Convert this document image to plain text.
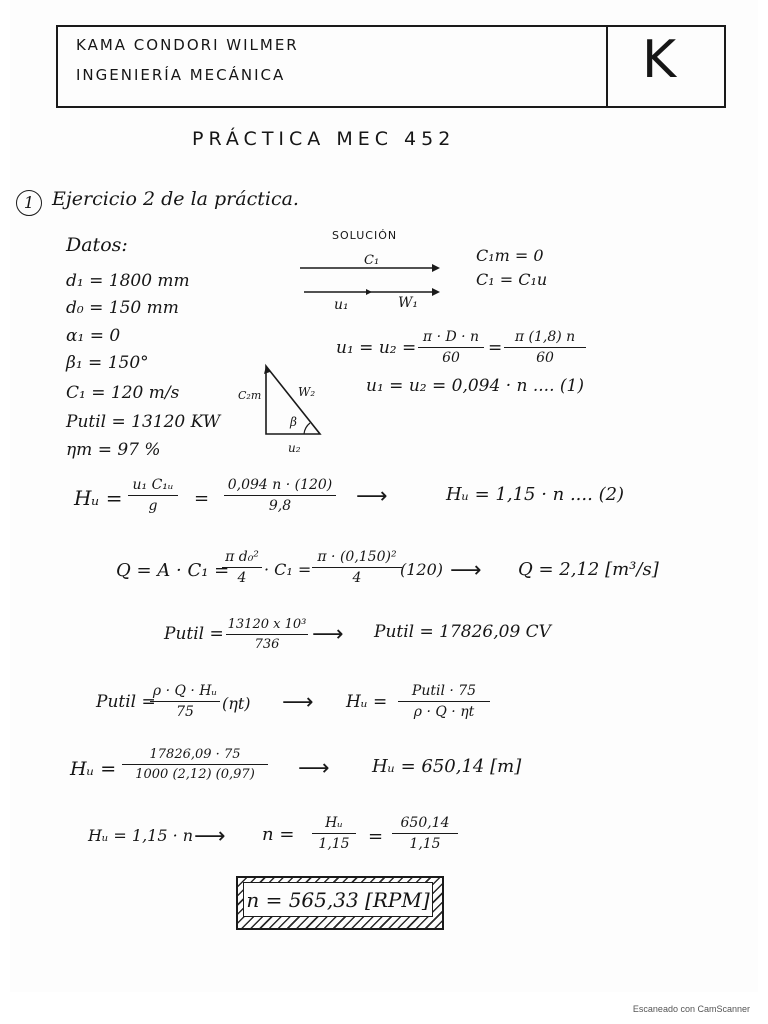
KAMA CONDORI WILMER
INGENIERÍA MECÁNICA	K
PRÁCTICA MEC 452
1 Ejercicio 2 de la práctica.
Datos:
d₁ = 1800 mm
d₀ = 150 mm
α₁ = 0
β₁ = 150°
C₁ = 120 m/s
Putil = 13120 KW
ηm = 97 %
SOLUCIÓN
C₁
u₁	W₁
C₁m = 0
C₁ = C₁u
C₂m	W₂
β
u₂
$u_1 = u_2 = \frac{\pi \cdot D \cdot n}{60} = \frac{\pi (1,8) n}{60}$
u₁ = u₂ = 0,094 · n .... (1)
Hᵤ = $\frac{\text{u₁ C₁ᵤ}}{g} = \frac{0,094 n \cdot (120)}{9,8}$ ⟶	Hᵤ = 1,15 · n .... (2)
Q = A · C₁ =
$\frac{\text{π d₀²}}{4} \cdot C_1 = \frac{\text{π · (0,150)²}}{4}$
(120) ⟶ Q = 2,12 [m³/s]
Putil = $\frac{\text{13120 x 10³}}{736}$ ⟶ Putil = 17826,09 CV
Putil =
$\frac{\text{ρ · Q · Hᵤ}}{75} (\eta t)$ ⟶ Hᵤ =
Putil · 75
ρ · Q · ηt
Hᵤ = $\frac{17826,09 \cdot 75}{1000 (2,12) (0,97)}$ ⟶ Hᵤ = 650,14 [m]
Hᵤ = 1,15 · n ⟶ $n = \frac{\text{Hᵤ}}{1,15} = \frac{650,14}{1,15}$
n = 565,33 [RPM]
Escaneado con CamScanner
